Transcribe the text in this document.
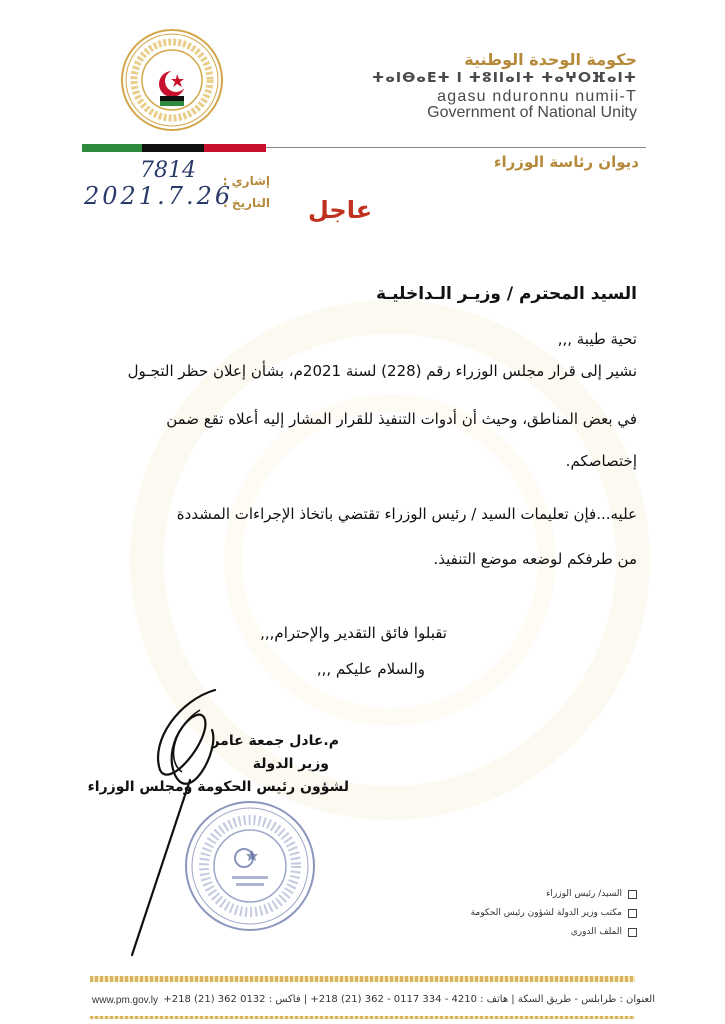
حكومة الوحدة الوطنية
ⵜⴰⵏⴱⴰⴹⵜ ⵏ ⵜⵓⵏⵏⴰⵏⵜ ⵜⴰⵖⵔⴼⴰⵏⵜ
agasu nduronnu numii-T
Government of National Unity
ديوان رئاسة الوزراء
إشاري :
7814
التاريخ :
2021.7.26	عاجل
السيد المحترم / وزيـر الـداخليـة
تحية طيبة ,,,
نشير إلى قرار مجلس الوزراء رقم (228) لسنة 2021م، بشأن إعلان حظر التجـول
في بعض المناطق، وحيث أن أدوات التنفيذ للقرار المشار إليه أعلاه تقع ضمن
إختصاصكم.
عليه...فإن تعليمات السيد / رئيس الوزراء تقتضي باتخاذ الإجراءات المشددة
من طرفكم لوضعه موضع التنفيذ.
تقبلوا فائق التقدير والإحترام,,,
والسلام عليكم ,,,
م.عادل جمعة عامر
وزير الدولة
لشؤون رئيس الحكومة ومجلس الوزراء
السيد/ رئيس الوزراء
مكتب وزير الدولة لشؤون رئيس الحكومة
الملف الدوري
العنوان : طرابلس - طريق السكة | هاتف : 4210 - 334 0117 - 362 (21) 218+ | فاكس : 0132 362 (21) 218+
www.pm.gov.ly
